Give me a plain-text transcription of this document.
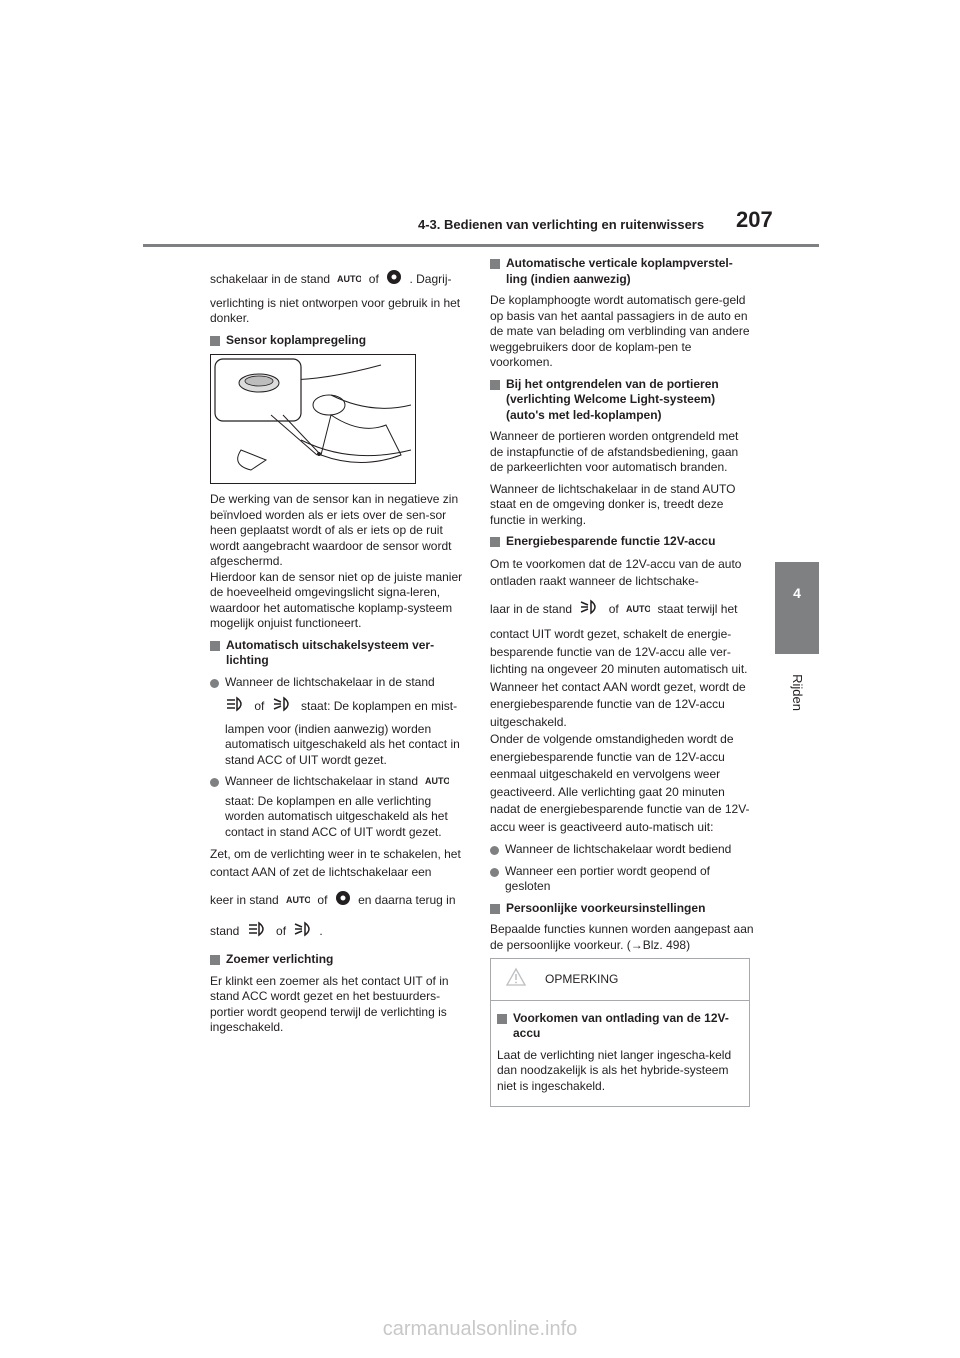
4-3. Bedienen van verlichting en ruitenwissers 207
4
Rijden

schakelaar in de stand AUTO of	. Dagrij-

verlichting is niet ontworpen voor gebruik in het donker.

Sensor koplampregeling

De werking van de sensor kan in negatieve zin beïnvloed worden als er iets over de sen-sor heen geplaatst wordt of als er iets op de ruit wordt aangebracht waardoor de sensor wordt afgeschermd.

Hierdoor kan de sensor niet op de juiste manier de hoeveelheid omgevingslicht signa-leren, waardoor het automatische koplamp-systeem mogelijk onjuist functioneert.

Automatisch uitschakelsysteem ver-lichting

Wanneer de lichtschakelaar in de stand

of	staat: De koplampen en mist-

lampen voor (indien aanwezig) worden automatisch uitgeschakeld als het contact in stand ACC of UIT wordt gezet.

Wanneer de lichtschakelaar in stand AUTO

staat: De koplampen en alle verlichting worden automatisch uitgeschakeld als het contact in stand ACC of UIT wordt gezet.

Zet, om de verlichting weer in te schakelen, het contact AAN of zet de lichtschakelaar een

keer in stand AUTO of	en daarna terug in

stand	of	.

Zoemer verlichting

Er klinkt een zoemer als het contact UIT of in stand ACC wordt gezet en het bestuurders-portier wordt geopend terwijl de verlichting is ingeschakeld.

Automatische verticale koplampverstel-ling (indien aanwezig)

De koplamphoogte wordt automatisch gere-geld op basis van het aantal passagiers in de auto en de mate van belading om verblinding van andere weggebruikers door de koplam-pen te voorkomen.

Bij het ontgrendelen van de portieren (verlichting Welcome Light-systeem) (auto's met led-koplampen)

Wanneer de portieren worden ontgrendeld met de instapfunctie of de afstandsbediening, gaan de parkeerlichten voor automatisch branden.

Wanneer de lichtschakelaar in de stand AUTO staat en de omgeving donker is, treedt deze functie in werking.

Energiebesparende functie 12V-accu

Om te voorkomen dat de 12V-accu van de auto ontladen raakt wanneer de lichtschake-

laar in de stand	of AUTO staat terwijl het

contact UIT wordt gezet, schakelt de energie-besparende functie van de 12V-accu alle ver-lichting na ongeveer 20 minuten automatisch uit. Wanneer het contact AAN wordt gezet, wordt de energiebesparende functie van de 12V-accu uitgeschakeld.

Onder de volgende omstandigheden wordt de energiebesparende functie van de 12V-accu eenmaal uitgeschakeld en vervolgens weer geactiveerd. Alle verlichting gaat 20 minuten nadat de energiebesparende functie van de 12V-accu weer is geactiveerd auto-matisch uit:

Wanneer de lichtschakelaar wordt bediend
Wanneer een portier wordt geopend of gesloten
Persoonlijke voorkeursinstellingen

Bepaalde functies kunnen worden aangepast aan de persoonlijke voorkeur. (→Blz. 498)

OPMERKING
Voorkomen van ontlading van de 12V-accu

Laat de verlichting niet langer ingescha-keld dan noodzakelijk is als het hybride-systeem niet is ingeschakeld.

carmanualsonline.info
